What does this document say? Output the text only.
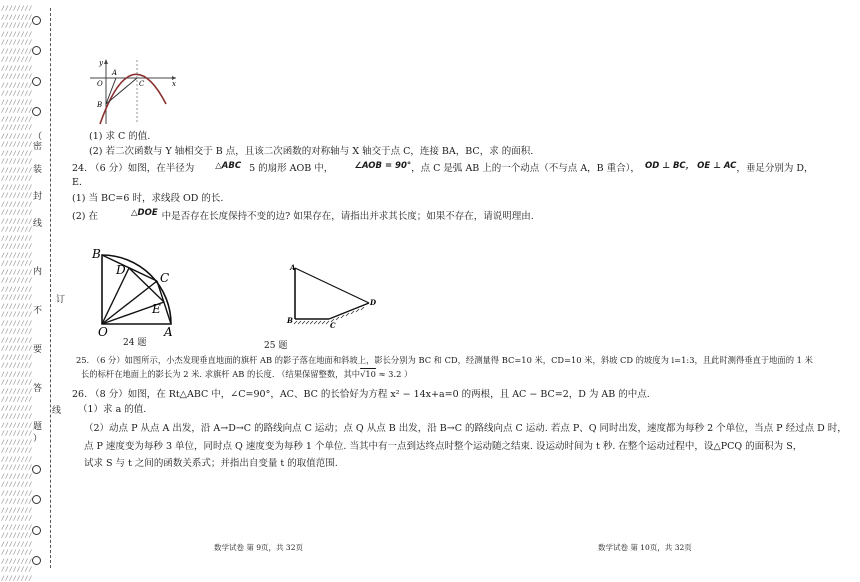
////////
////////
////////
////////
////////
////////
////////
////////
////////
////////
////////
////////
////////
////////
////////
////////
////////
////////
////////
////////
////////
////////
////////
////////
////////
////////
////////
////////
////////
////////
////////
////////
////////
////////
////////
////////
////////
////////
////////
////////
////////
////////
////////
////////
////////
////////
////////
////////
////////
////////
////////
////////
////////
////////
////////
////////
////////
////////
////////
////////
////////
////////
////////
////////
////////
////////
////////
////////

（
密
装
封
线
内
不
要
答
题
）
订
线
y
x
A
O
B
C
(1) 求 C 的值.
(2) 若二次函数与 Y 轴相交于 B 点，且该二次函数的对称轴与 X 轴交于点 C，连接 BA，BC，求 的面积.
24. （6 分）如图，在半径为 △ABC 5 的扇形 AOB 中， ∠AOB = 90°，点 C 是弧 AB 上的一个动点（不与点 A，B 重合）， OD ⊥ BC， OE ⊥ AC，垂足分别为 D，
E.
(1) 当 BC=6 时，求线段 OD 的长.
(2) 在	△DOE 中是否存在长度保持不变的边? 如果存在，请指出并求其长度；如果不存在，请说明理由.
B
D
C
E
O	A
24 题
A
B
C
D
25 题
25. （6 分）如图所示，小杰发现垂直地面的旗杆 AB 的影子落在地面和斜坡上，影长分别为 BC 和 CD，经测量得 BC=10 米，CD=10 米，斜坡 CD 的坡度为 i=1:3，且此时测得垂直于地面的 1 米
长的标杆在地面上的影长为 2 米. 求旗杆 AB 的长度. （结果保留整数，其中√10 ≈ 3.2 ）
26. （8 分）如图，在 Rt△ABC 中，∠C=90°，AC、BC 的长恰好为方程 x² − 14x+a=0 的两根，且 AC − BC=2，D 为 AB 的中点.
（1）求 a 的值.
（2）动点 P 从点 A 出发，沿 A→D→C 的路线向点 C 运动；点 Q 从点 B 出发，沿 B→C 的路线向点 C 运动. 若点 P、Q 同时出发，速度都为每秒 2 个单位，当点 P 经过点 D 时，
点 P 速度变为每秒 3 单位，同时点 Q 速度变为每秒 1 个单位. 当其中有一点到达终点时整个运动随之结束. 设运动时间为 t 秒. 在整个运动过程中，设△PCQ 的面积为 S，
试求 S 与 t 之间的函数关系式；并指出自变量 t 的取值范围.
数学试卷 第 9页，共 32页	数学试卷 第 10页，共 32页
